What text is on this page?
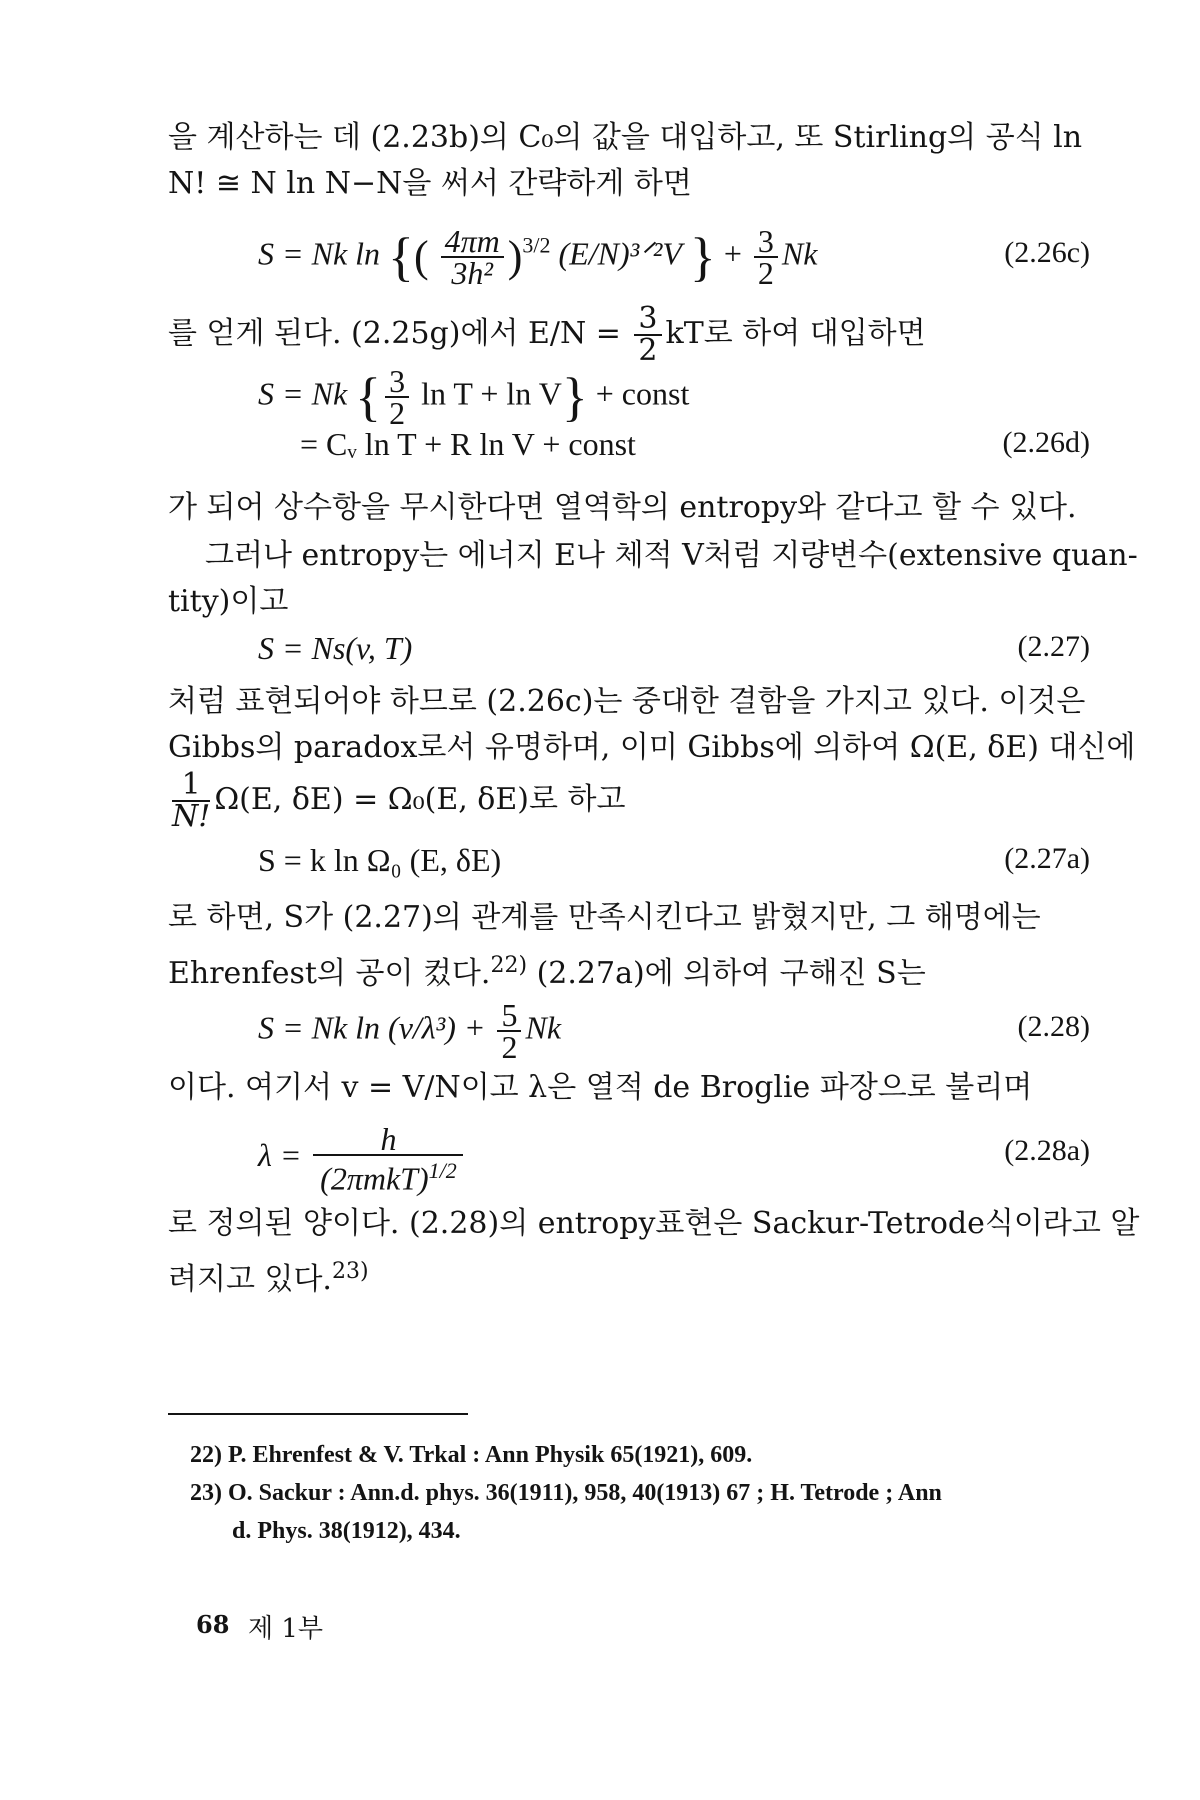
을 계산하는 데 (2.23b)의 C₀의 값을 대입하고, 또 Stirling의 공식 ln
N! ≅ N ln N−N을 써서 간략하게 하면
S = Nk ln {( $\frac{4\pi m}{\text{3h²}} )^{3/2}$ (E/N)³ᐟ²V } + $\frac{3}{2}$ Nk	(2.26c)
를 얻게 된다. (2.25g)에서 $E/N = \frac{3}{2}$ kT로 하여 대입하면
S = Nk { $\frac{3}{2}$ ln T + ln V} + const
= Cᵥ ln T + R ln V + const	(2.26d)
가 되어 상수항을 무시한다면 열역학의 entropy와 같다고 할 수 있다.
그러나 entropy는 에너지 E나 체적 V처럼 지량변수(extensive quan-
tity)이고
S = Ns(v, T)	(2.27)
처럼 표현되어야 하므로 (2.26c)는 중대한 결함을 가지고 있다. 이것은
Gibbs의 paradox로서 유명하며, 이미 Gibbs에 의하여 Ω(E, δE) 대신에
$\frac{1}{N!} \Omega(E$, δE) = Ω₀(E, δE)로 하고
S = k ln Ω₀ (E, δE)	(2.27a)
로 하면, S가 (2.27)의 관계를 만족시킨다고 밝혔지만, 그 해명에는
Ehrenfest의 공이 컸다.$^{22)}$ (2.27a)에 의하여 구해진 S는
S = Nk $\ln (v/\lambda^3) + \frac{5}{2}$ Nk	(2.28)
이다. 여기서 v = V/N이고 λ은 열적 de Broglie 파장으로 불리며
$\lambda = \frac{h}{(2\pi mkT)^{1/2}}$	(2.28a)
로 정의된 양이다. (2.28)의 entropy표현은 Sackur-Tetrode식이라고 알
려지고 있다.$^{23)}$
22) P. Ehrenfest & V. Trkal : Ann Physik 65(1921), 609.
23) O. Sackur : Ann.d. phys. 36(1911), 958, 40(1913) 67 ; H. Tetrode ; Ann
d. Phys. 38(1912), 434.
68 제 1부
